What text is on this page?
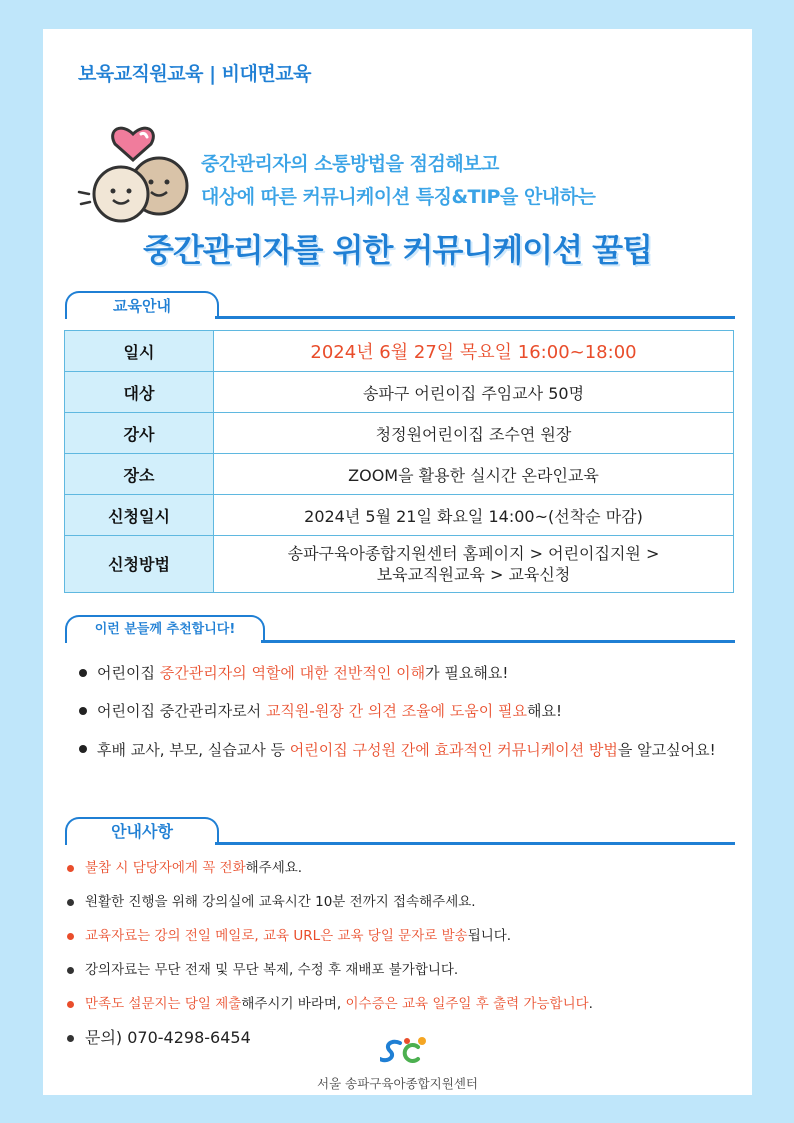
보육교직원교육 | 비대면교육
중간관리자의 소통방법을 점검해보고
대상에 따른 커뮤니케이션 특징&TIP을 안내하는
중간관리자를 위한 커뮤니케이션 꿀팁
교육안내
일시	2024년 6월 27일 목요일 16:00~18:00
대상	송파구 어린이집 주임교사 50명
강사	청정원어린이집 조수연 원장
장소	ZOOM을 활용한 실시간 온라인교육
신청일시	2024년 5월 21일 화요일 14:00~(선착순 마감)
신청방법	송파구육아종합지원센터 홈페이지 > 어린이집지원 >
보육교직원교육 > 교육신청
이런 분들께 추천합니다!
어린이집 중간관리자의 역할에 대한 전반적인 이해가 필요해요!
어린이집 중간관리자로서 교직원-원장 간 의견 조율에 도움이 필요해요!
후배 교사, 부모, 실습교사 등 어린이집 구성원 간에 효과적인 커뮤니케이션 방법을 알고싶어요!
안내사항
불참 시 담당자에게 꼭 전화해주세요.
원활한 진행을 위해 강의실에 교육시간 10분 전까지 접속해주세요.
교육자료는 강의 전일 메일로, 교육 URL은 교육 당일 문자로 발송됩니다.
강의자료는 무단 전재 및 무단 복제, 수정 후 재배포 불가합니다.
만족도 설문지는 당일 제출해주시기 바라며, 이수증은 교육 일주일 후 출력 가능합니다.
문의) 070-4298-6454
서울 송파구육아종합지원센터
